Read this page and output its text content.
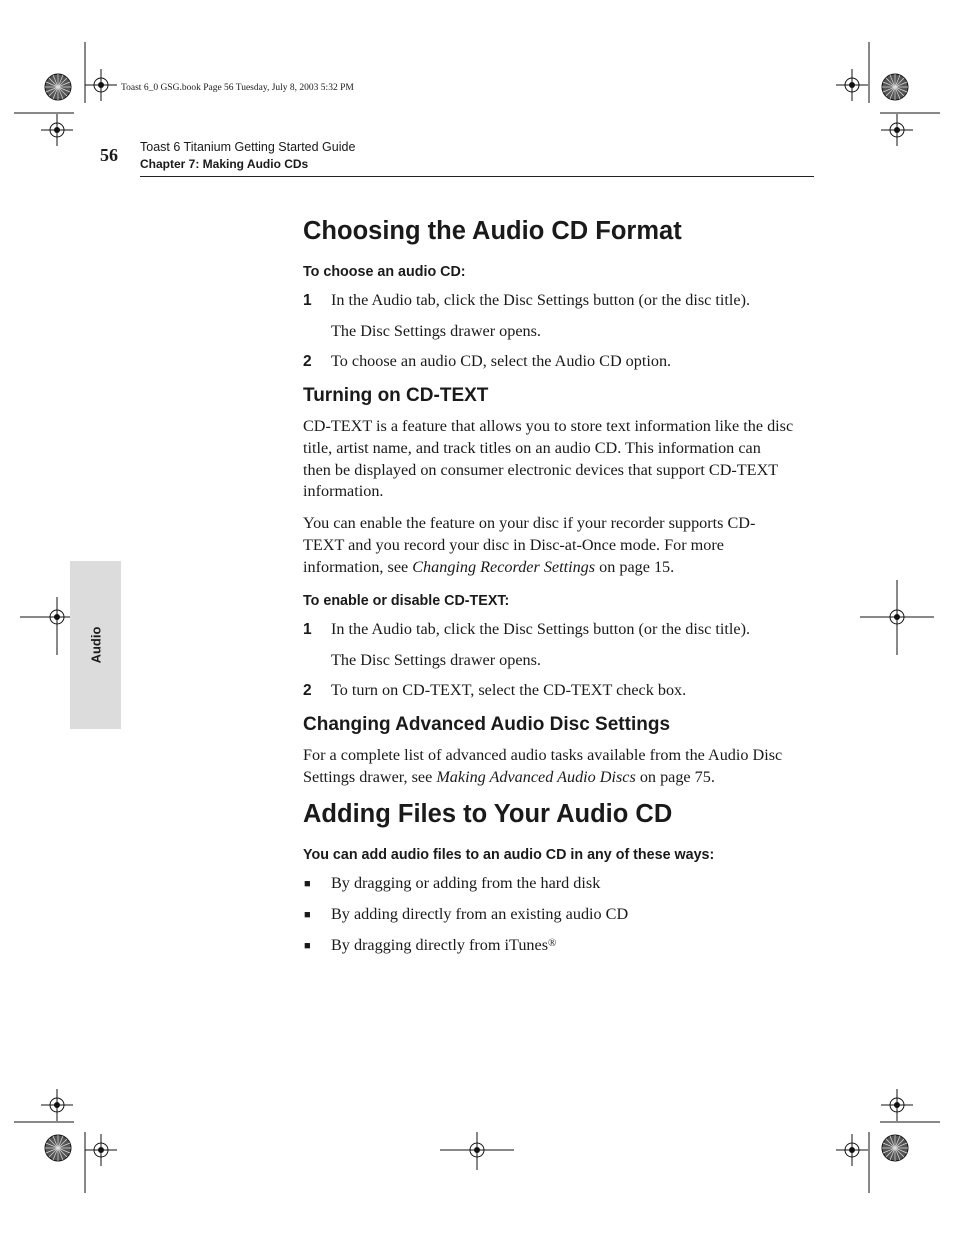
Toast 6_0 GSG.book Page 56 Tuesday, July 8, 2003 5:32 PM
56 Toast 6 Titanium Getting Started Guide
Chapter 7: Making Audio CDs
Audio
Choosing the Audio CD Format
To choose an audio CD:
1 In the Audio tab, click the Disc Settings button (or the disc title).
The Disc Settings drawer opens.
2 To choose an audio CD, select the Audio CD option.
Turning on CD-TEXT
CD-TEXT is a feature that allows you to store text information like the disc
title, artist name, and track titles on an audio CD. This information can
then be displayed on consumer electronic devices that support CD-TEXT
information.
You can enable the feature on your disc if your recorder supports CD-
TEXT and you record your disc in Disc-at-Once mode. For more
information, see Changing Recorder Settings on page 15.
To enable or disable CD-TEXT:
1 In the Audio tab, click the Disc Settings button (or the disc title).
The Disc Settings drawer opens.
2 To turn on CD-TEXT, select the CD-TEXT check box.
Changing Advanced Audio Disc Settings
For a complete list of advanced audio tasks available from the Audio Disc
Settings drawer, see Making Advanced Audio Discs on page 75.
Adding Files to Your Audio CD
You can add audio files to an audio CD in any of these ways:
■ By dragging or adding from the hard disk
■ By adding directly from an existing audio CD
■ By dragging directly from iTunes®
